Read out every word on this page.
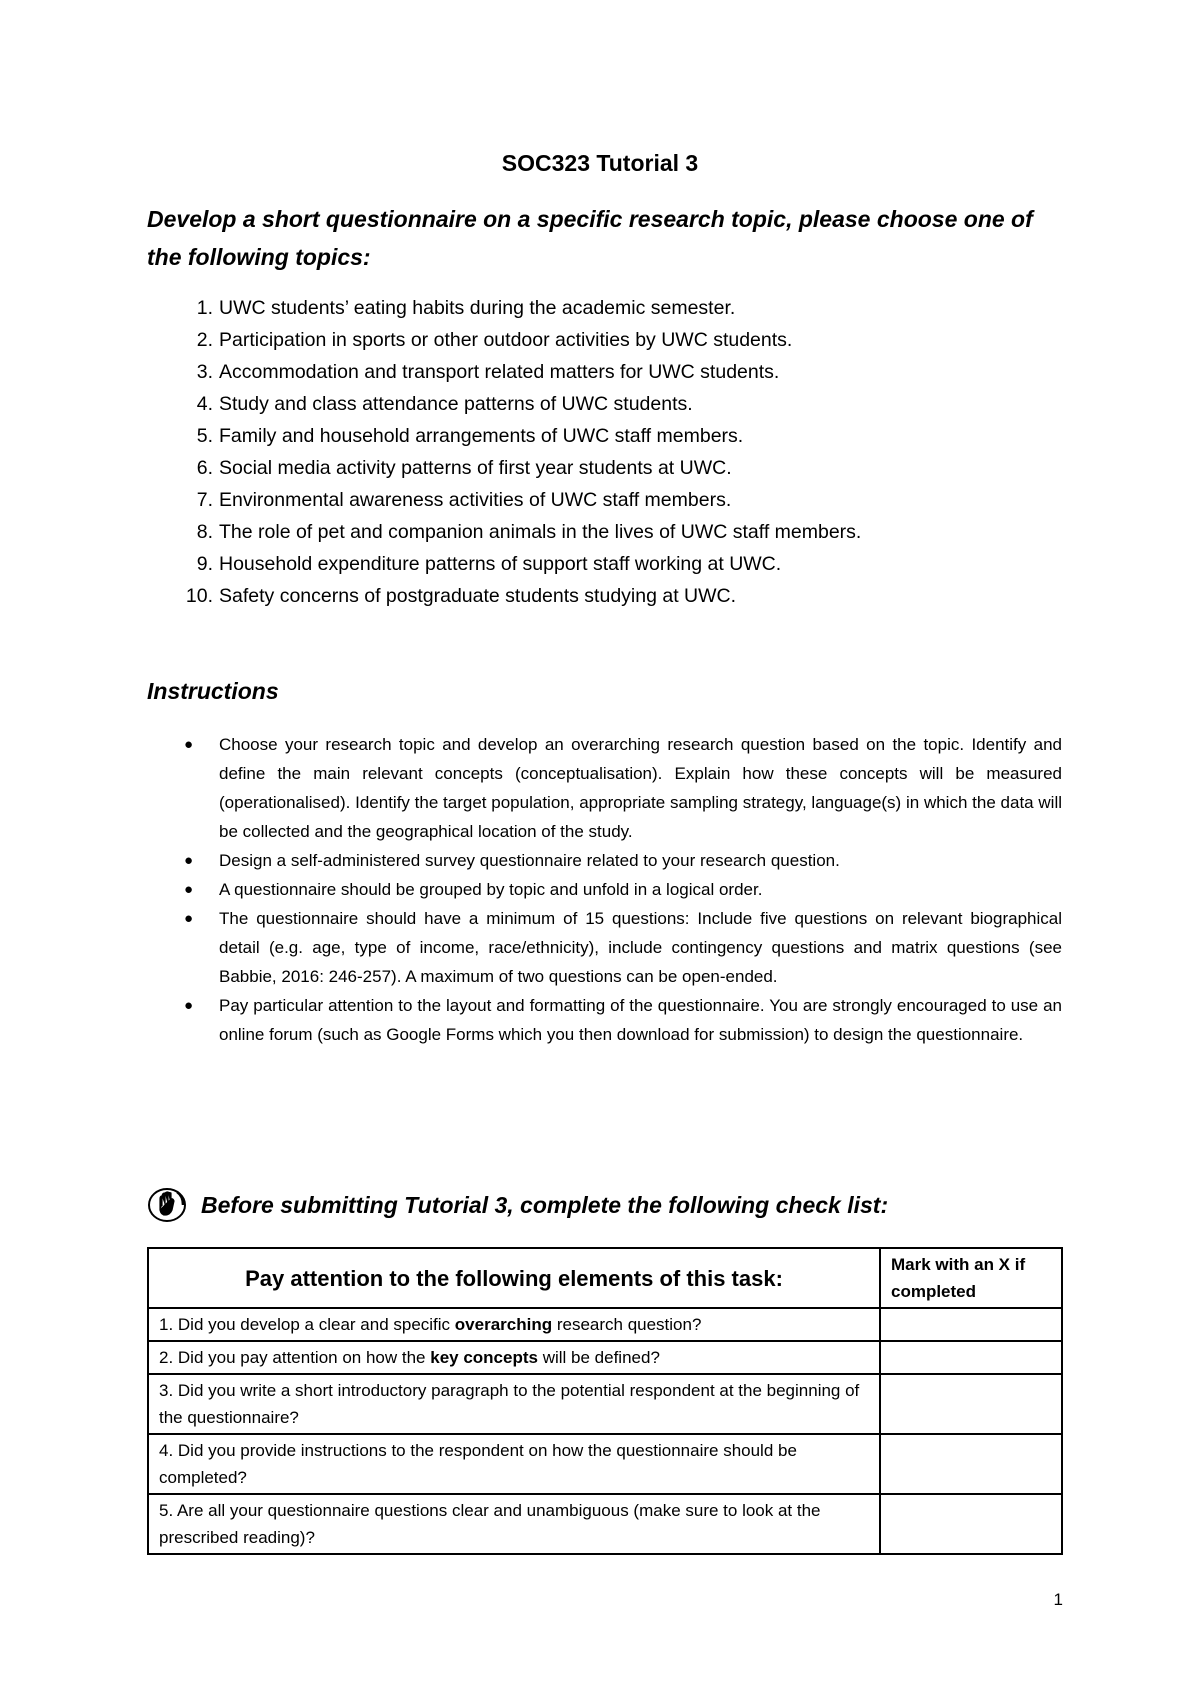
SOC323 Tutorial 3
Develop a short questionnaire on a specific research topic, please choose one of the following topics:
1. UWC students’ eating habits during the academic semester.
2. Participation in sports or other outdoor activities by UWC students.
3. Accommodation and transport related matters for UWC students.
4. Study and class attendance patterns of UWC students.
5. Family and household arrangements of UWC staff members.
6. Social media activity patterns of first year students at UWC.
7. Environmental awareness activities of UWC staff members.
8. The role of pet and companion animals in the lives of UWC staff members.
9. Household expenditure patterns of support staff working at UWC.
10. Safety concerns of postgraduate students studying at UWC.
Instructions
● Choose your research topic and develop an overarching research question based on the topic. Identify and define the main relevant concepts (conceptualisation). Explain how these concepts will be measured (operationalised). Identify the target population, appropriate sampling strategy, language(s) in which the data will be collected and the geographical location of the study.
● Design a self-administered survey questionnaire related to your research question.
● A questionnaire should be grouped by topic and unfold in a logical order.
● The questionnaire should have a minimum of 15 questions: Include five questions on relevant biographical detail (e.g. age, type of income, race/ethnicity), include contingency questions and matrix questions (see Babbie, 2016: 246-257). A maximum of two questions can be open-ended.
● Pay particular attention to the layout and formatting of the questionnaire. You are strongly encouraged to use an online forum (such as Google Forms which you then download for submission) to design the questionnaire.
Before submitting Tutorial 3, complete the following check list:
Pay attention to the following elements of this task:	Mark with an X if completed
1. Did you develop a clear and specific overarching research question?	
2. Did you pay attention on how the key concepts will be defined?	
3. Did you write a short introductory paragraph to the potential respondent at the beginning of the questionnaire?	
4. Did you provide instructions to the respondent on how the questionnaire should be completed?	
5. Are all your questionnaire questions clear and unambiguous (make sure to look at the prescribed reading)?	
1
